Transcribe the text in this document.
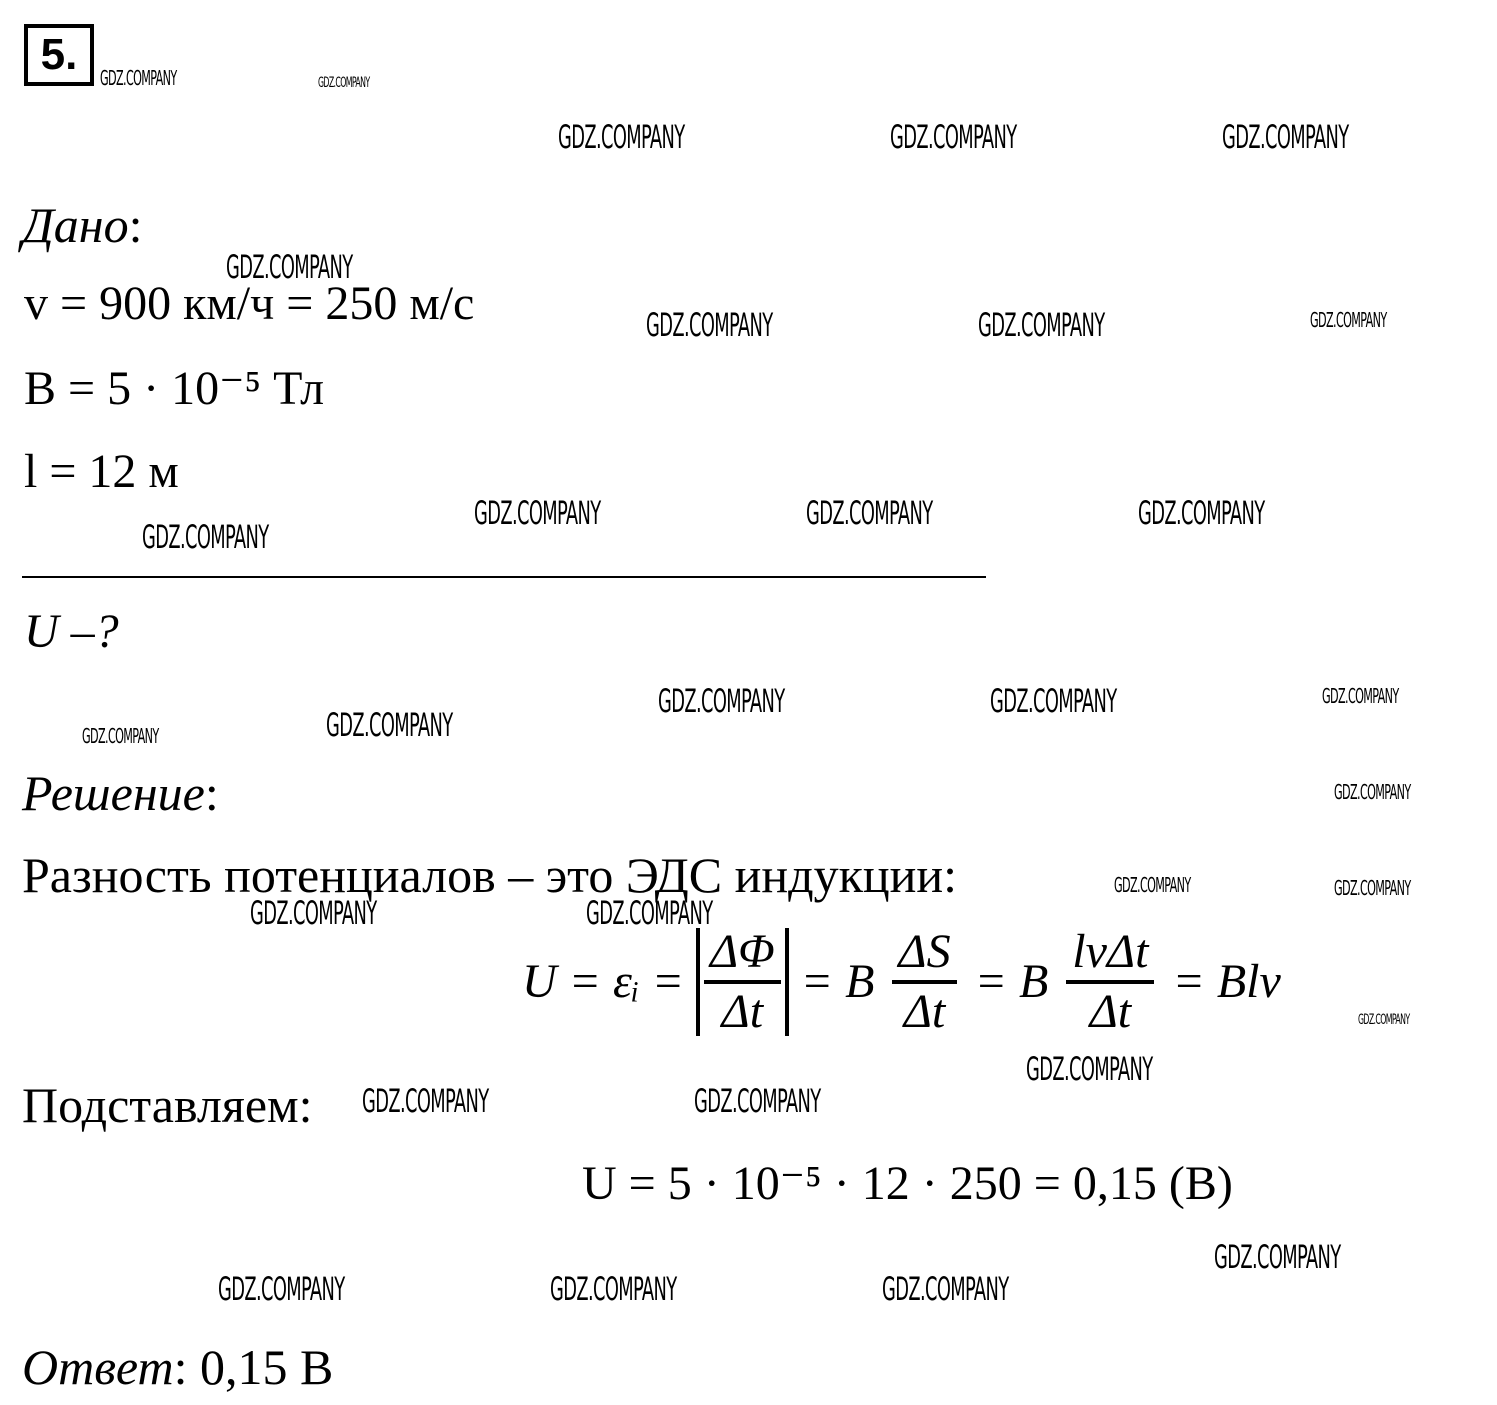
5.
Дано:
v = 900 км/ч = 250 м/с
B = 5 · 10⁻⁵ Тл
l = 12 м
U –?
Решение:
Разность потенциалов – это ЭДС индукции:
U = εᵢ = $\frac{\Delta\Phi}{\Delta t} = B \frac{\Delta S}{\Delta t} = B \frac{\text{lvΔt}}{\Delta t}$ = Blv
Подставляем:
U = 5 · 10⁻⁵ · 12 · 250 = 0,15 (В)
Ответ: 0,15 В
GDZ.COMPANY	GDZ.COMPANY
GDZ.COMPANY	GDZ.COMPANY	GDZ.COMPANY
GDZ.COMPANY
GDZ.COMPANY	GDZ.COMPANY	GDZ.COMPANY
GDZ.COMPANY	GDZ.COMPANY	GDZ.COMPANY
GDZ.COMPANY
GDZ.COMPANY	GDZ.COMPANY	GDZ.COMPANY
GDZ.COMPANY	GDZ.COMPANY
GDZ.COMPANY
GDZ.COMPANY	GDZ.COMPANY
GDZ.COMPANY	GDZ.COMPANY
GDZ.COMPANY
GDZ.COMPANY
GDZ.COMPANY	GDZ.COMPANY
GDZ.COMPANY
GDZ.COMPANY	GDZ.COMPANY	GDZ.COMPANY
